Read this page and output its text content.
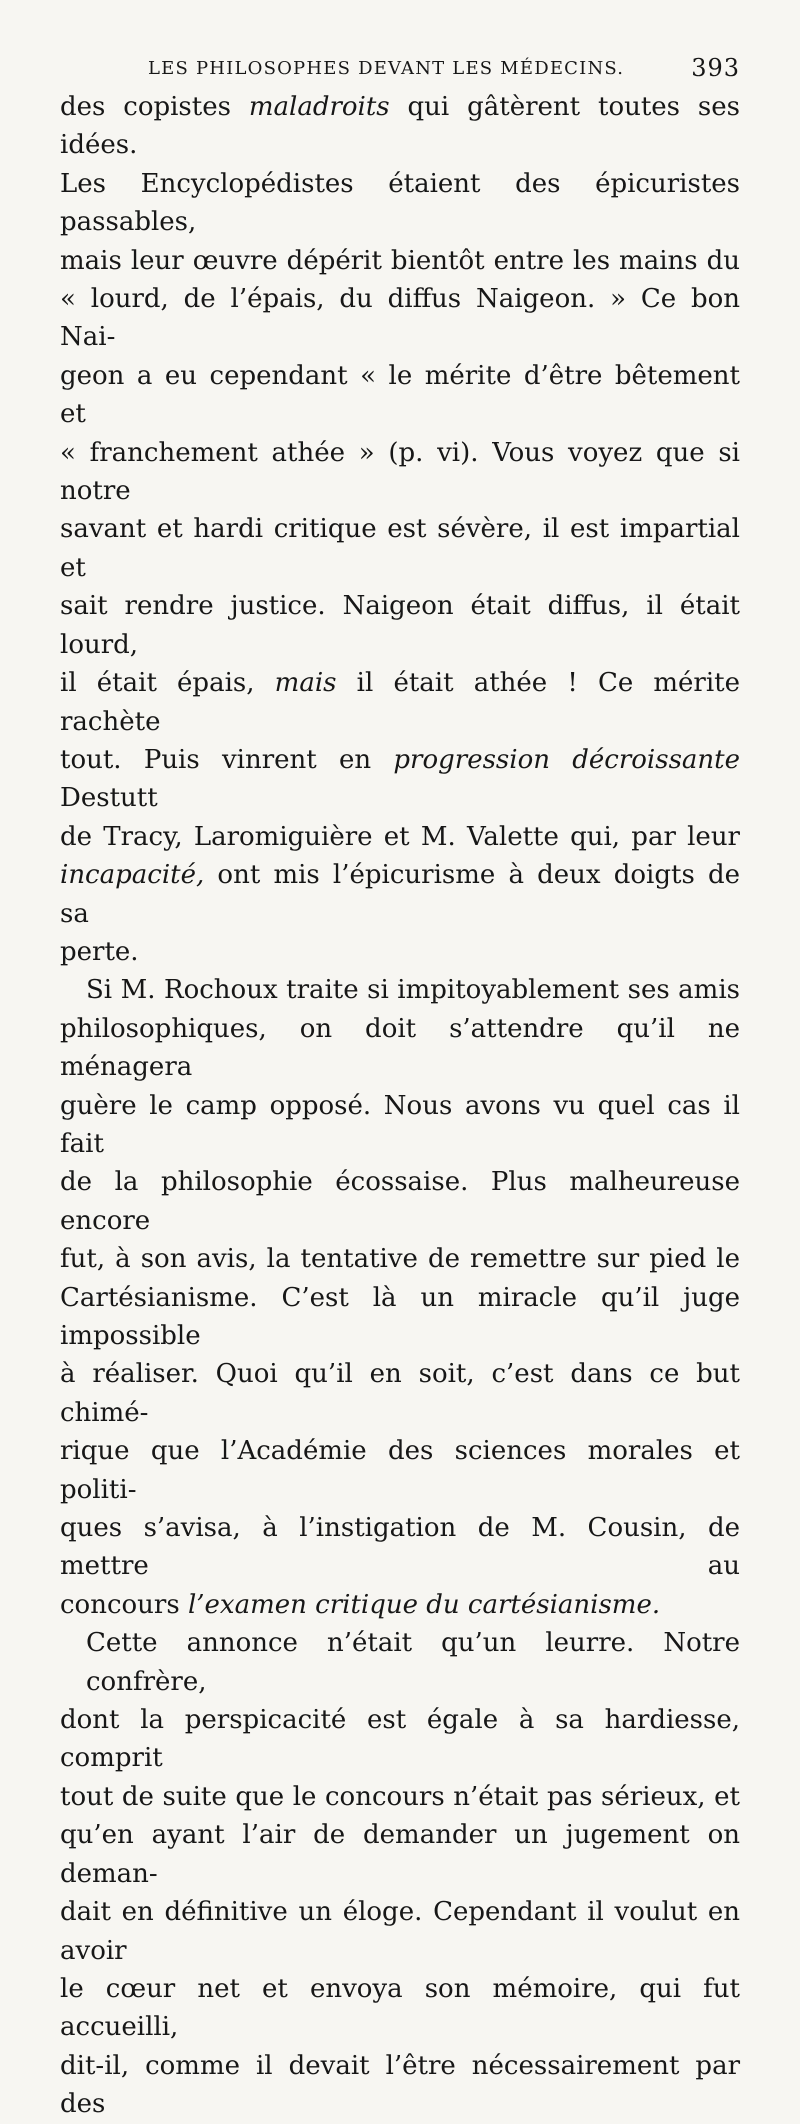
LES PHILOSOPHES DEVANT LES MÉDECINS.	393
des copistes maladroits qui gâtèrent toutes ses idées.
Les Encyclopédistes étaient des épicuristes passables,
mais leur œuvre dépérit bientôt entre les mains du
« lourd, de l’épais, du diffus Naigeon. » Ce bon Nai-
geon a eu cependant « le mérite d’être bêtement et
« franchement athée » (p. vi). Vous voyez que si notre
savant et hardi critique est sévère, il est impartial et
sait rendre justice. Naigeon était diffus, il était lourd,
il était épais, mais il était athée ! Ce mérite rachète
tout. Puis vinrent en progression décroissante Destutt
de Tracy, Laromiguière et M. Valette qui, par leur
incapacité, ont mis l’épicurisme à deux doigts de sa
perte.
Si M. Rochoux traite si impitoyablement ses amis
philosophiques, on doit s’attendre qu’il ne ménagera
guère le camp opposé. Nous avons vu quel cas il fait
de la philosophie écossaise. Plus malheureuse encore
fut, à son avis, la tentative de remettre sur pied le
Cartésianisme. C’est là un miracle qu’il juge impossible
à réaliser. Quoi qu’il en soit, c’est dans ce but chimé-
rique que l’Académie des sciences morales et politi-
ques s’avisa, à l’instigation de M. Cousin, de mettre au
concours l’examen critique du cartésianisme.
Cette annonce n’était qu’un leurre. Notre confrère,
dont la perspicacité est égale à sa hardiesse, comprit
tout de suite que le concours n’était pas sérieux, et
qu’en ayant l’air de demander un jugement on deman-
dait en définitive un éloge. Cependant il voulut en avoir
le cœur net et envoya son mémoire, qui fut accueilli,
dit-il, comme il devait l’être nécessairement par des
